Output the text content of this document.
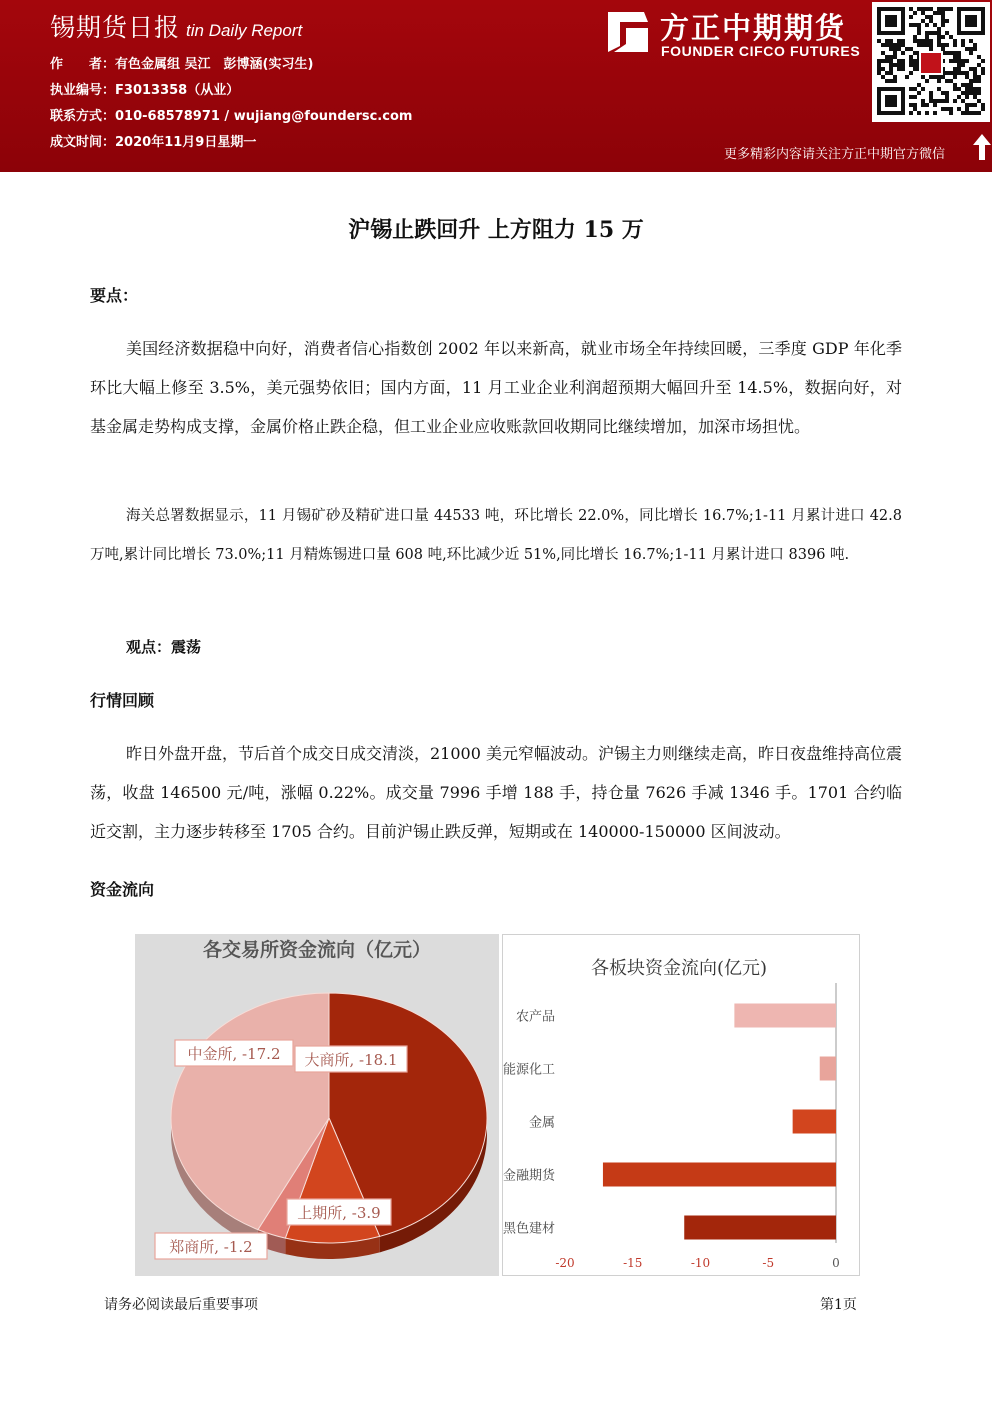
锡期货日报 tin Daily Report
作　　者：有色金属组 吴江　彭博涵(实习生)
执业编号：F3013358（从业）
联系方式：010-68578971 / wujiang@foundersc.com
成文时间：2020年11月9日星期一
方正中期期货
FOUNDER CIFCO FUTURES
更多精彩内容请关注方正中期官方微信
沪锡止跌回升 上方阻力 15 万
要点：
美国经济数据稳中向好，消费者信心指数创 2002 年以来新高，就业市场全年持续回暖，三季度 GDP 年化季环比大幅上修至 3.5%，美元强势依旧；国内方面，11 月工业企业利润超预期大幅回升至 14.5%，数据向好，对基金属走势构成支撑，金属价格止跌企稳，但工业企业应收账款回收期同比继续增加，加深市场担忧。
海关总署数据显示，11 月锡矿砂及精矿进口量 44533 吨，环比增长 22.0%，同比增长 16.7%;1-11 月累计进口 42.8 万吨,累计同比增长 73.0%;11 月精炼锡进口量 608 吨,环比减少近 51%,同比增长 16.7%;1-11 月累计进口 8396 吨.
观点：震荡
行情回顾
昨日外盘开盘，节后首个成交日成交清淡，21000 美元窄幅波动。沪锡主力则继续走高，昨日夜盘维持高位震荡，收盘 146500 元/吨，涨幅 0.22%。成交量 7996 手增 188 手，持仓量 7626 手减 1346 手。1701 合约临近交割，主力逐步转移至 1705 合约。目前沪锡止跌反弹，短期或在 140000-150000 区间波动。
资金流向
各交易所资金流向（亿元）
大商所, -18.1
上期所, -3.9
郑商所, -1.2
中金所, -17.2
各板块资金流向(亿元)
农产品
能源化工
金属
金融期货
黑色建材
-20	-15	-10	-5	0
请务必阅读最后重要事项	第1页
